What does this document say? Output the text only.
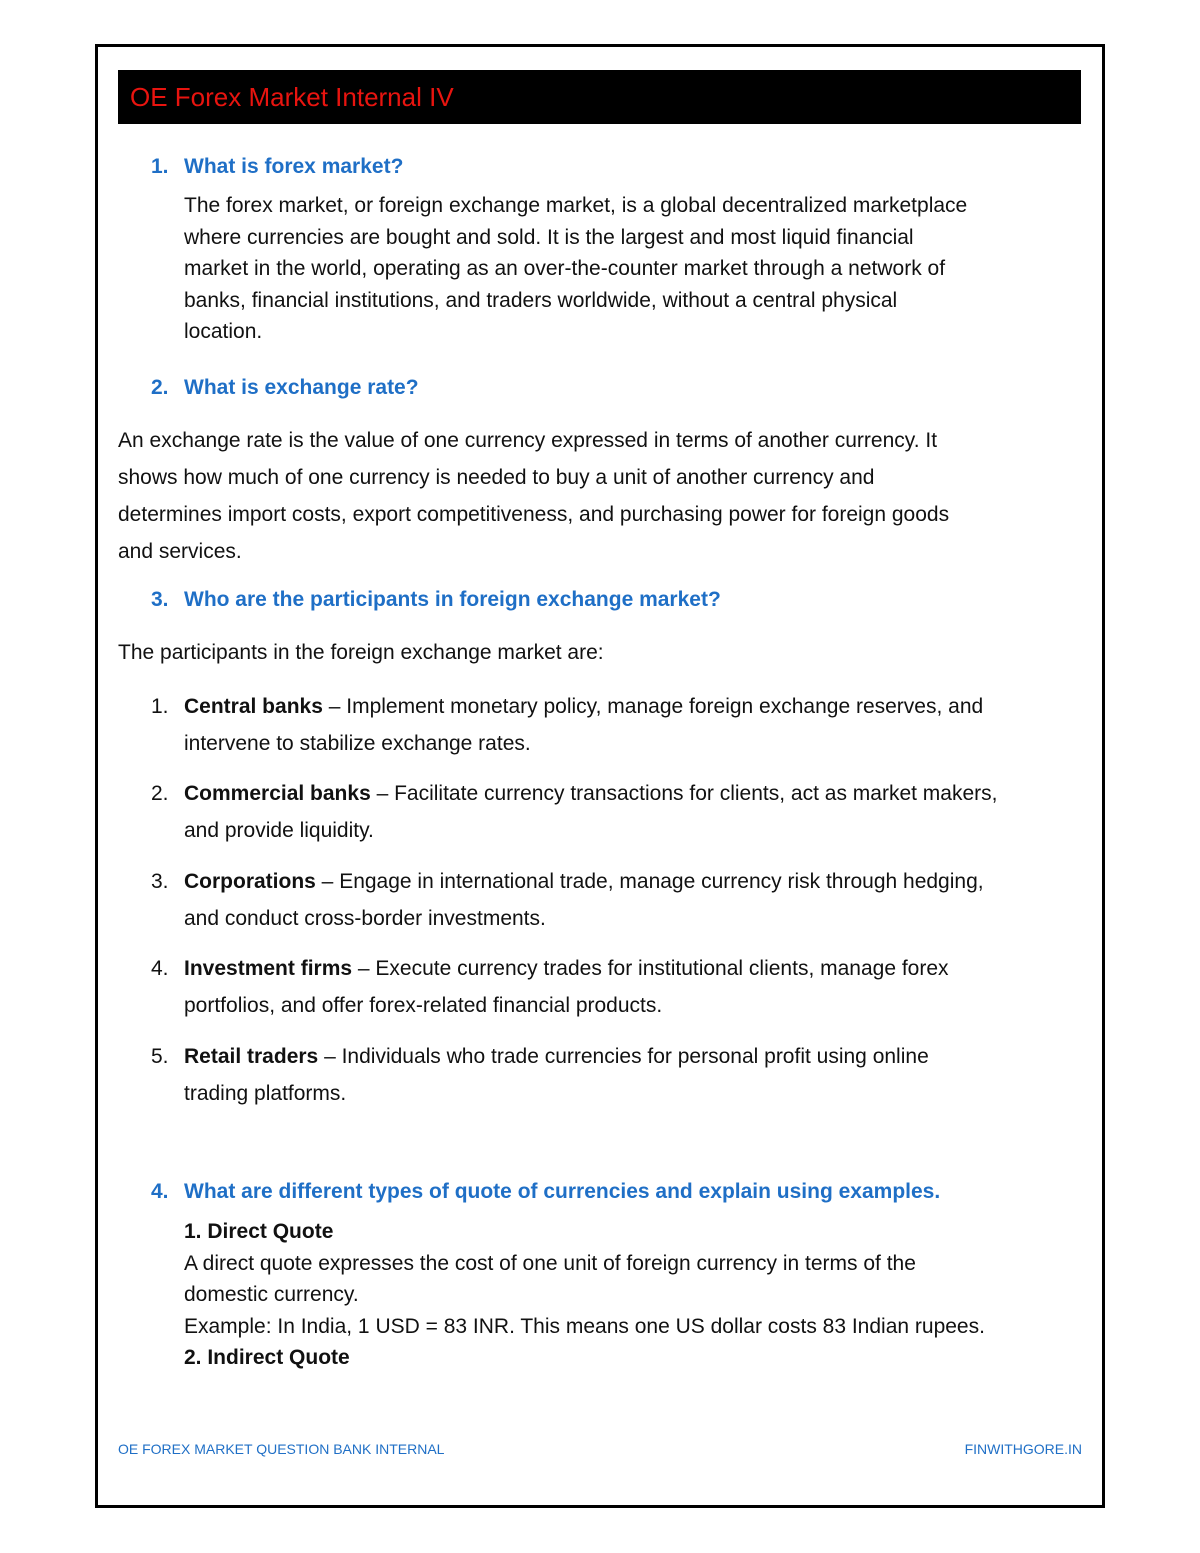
OE Forex Market Internal IV
1. What is forex market?
The forex market, or foreign exchange market, is a global decentralized marketplace
where currencies are bought and sold. It is the largest and most liquid financial
market in the world, operating as an over-the-counter market through a network of
banks, financial institutions, and traders worldwide, without a central physical
location.
2. What is exchange rate?
An exchange rate is the value of one currency expressed in terms of another currency. It
shows how much of one currency is needed to buy a unit of another currency and
determines import costs, export competitiveness, and purchasing power for foreign goods
and services.
3. Who are the participants in foreign exchange market?
The participants in the foreign exchange market are:
1. Central banks – Implement monetary policy, manage foreign exchange reserves, and
intervene to stabilize exchange rates.
2. Commercial banks – Facilitate currency transactions for clients, act as market makers,
and provide liquidity.
3. Corporations – Engage in international trade, manage currency risk through hedging,
and conduct cross-border investments.
4. Investment firms – Execute currency trades for institutional clients, manage forex
portfolios, and offer forex-related financial products.
5. Retail traders – Individuals who trade currencies for personal profit using online
trading platforms.
4. What are different types of quote of currencies and explain using examples.
1. Direct Quote
A direct quote expresses the cost of one unit of foreign currency in terms of the
domestic currency.
Example: In India, 1 USD = 83 INR. This means one US dollar costs 83 Indian rupees.
2. Indirect Quote
OE FOREX MARKET QUESTION BANK INTERNAL	FINWITHGORE.IN
